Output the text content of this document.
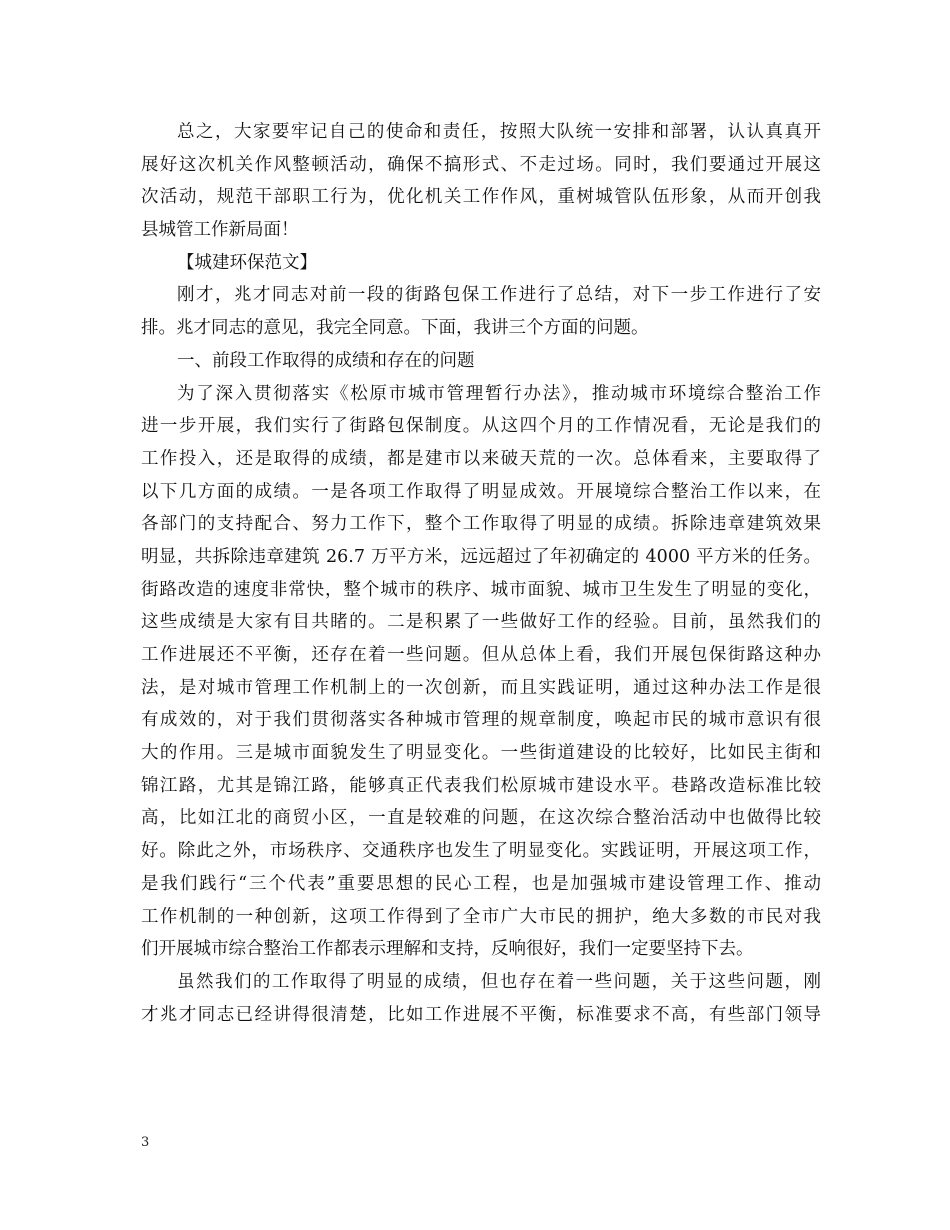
总之，大家要牢记自己的使命和责任，按照大队统一安排和部署，认认真真开
展好这次机关作风整顿活动，确保不搞形式、不走过场。同时，我们要通过开展这
次活动，规范干部职工行为，优化机关工作作风，重树城管队伍形象，从而开创我
县城管工作新局面！
【城建环保范文】
刚才，兆才同志对前一段的街路包保工作进行了总结，对下一步工作进行了安
排。兆才同志的意见，我完全同意。下面，我讲三个方面的问题。
一、前段工作取得的成绩和存在的问题
为了深入贯彻落实《松原市城市管理暂行办法》，推动城市环境综合整治工作
进一步开展，我们实行了街路包保制度。从这四个月的工作情况看，无论是我们的
工作投入，还是取得的成绩，都是建市以来破天荒的一次。总体看来，主要取得了
以下几方面的成绩。一是各项工作取得了明显成效。开展境综合整治工作以来，在
各部门的支持配合、努力工作下，整个工作取得了明显的成绩。拆除违章建筑效果
明显，共拆除违章建筑 26.7 万平方米，远远超过了年初确定的 4000 平方米的任务。
街路改造的速度非常快，整个城市的秩序、城市面貌、城市卫生发生了明显的变化，
这些成绩是大家有目共睹的。二是积累了一些做好工作的经验。目前，虽然我们的
工作进展还不平衡，还存在着一些问题。但从总体上看，我们开展包保街路这种办
法，是对城市管理工作机制上的一次创新，而且实践证明，通过这种办法工作是很
有成效的，对于我们贯彻落实各种城市管理的规章制度，唤起市民的城市意识有很
大的作用。三是城市面貌发生了明显变化。一些街道建设的比较好，比如民主街和
锦江路，尤其是锦江路，能够真正代表我们松原城市建设水平。巷路改造标准比较
高，比如江北的商贸小区，一直是较难的问题，在这次综合整治活动中也做得比较
好。除此之外，市场秩序、交通秩序也发生了明显变化。实践证明，开展这项工作，
是我们践行“三个代表”重要思想的民心工程，也是加强城市建设管理工作、推动
工作机制的一种创新，这项工作得到了全市广大市民的拥护，绝大多数的市民对我
们开展城市综合整治工作都表示理解和支持，反响很好，我们一定要坚持下去。
虽然我们的工作取得了明显的成绩，但也存在着一些问题，关于这些问题，刚
才兆才同志已经讲得很清楚，比如工作进展不平衡，标准要求不高，有些部门领导
3
